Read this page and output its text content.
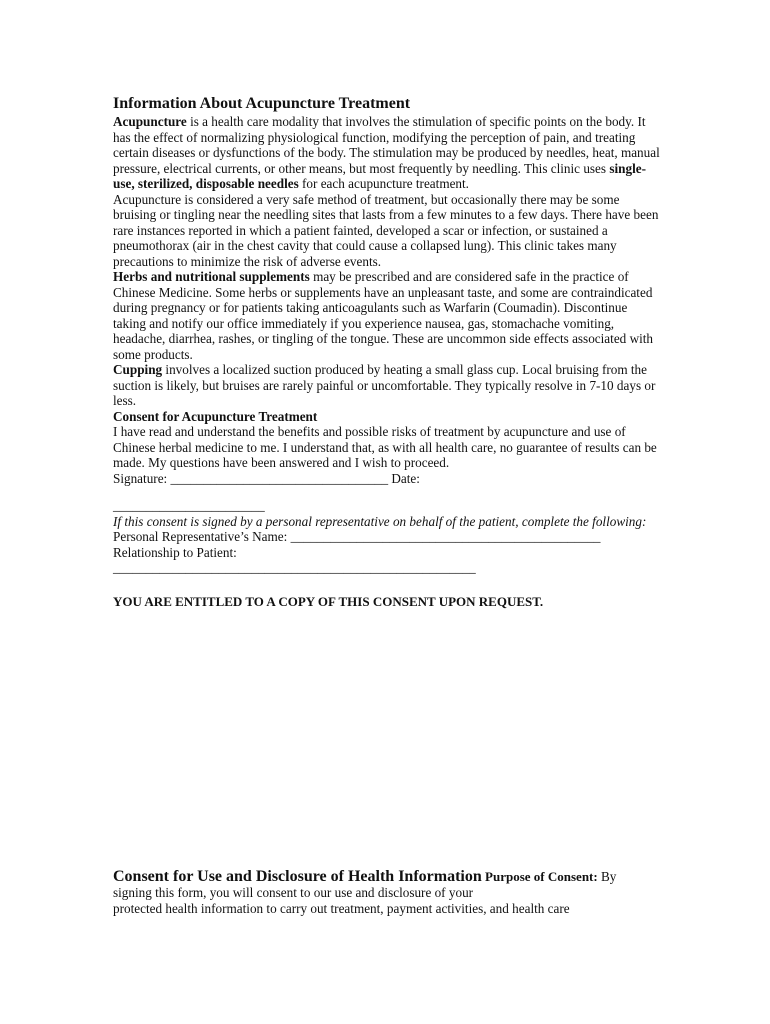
Information About Acupuncture Treatment

Acupuncture is a health care modality that involves the stimulation of specific points on the body. It has the effect of normalizing physiological function, modifying the perception of pain, and treating certain diseases or dysfunctions of the body. The stimulation may be produced by needles, heat, manual pressure, electrical currents, or other means, but most frequently by needling. This clinic uses single-use, sterilized, disposable needles for each acupuncture treatment.

Acupuncture is considered a very safe method of treatment, but occasionally there may be some bruising or tingling near the needling sites that lasts from a few minutes to a few days. There have been rare instances reported in which a patient fainted, developed a scar or infection, or sustained a pneumothorax (air in the chest cavity that could cause a collapsed lung). This clinic takes many precautions to minimize the risk of adverse events.

Herbs and nutritional supplements may be prescribed and are considered safe in the practice of Chinese Medicine. Some herbs or supplements have an unpleasant taste, and some are contraindicated during pregnancy or for patients taking anticoagulants such as Warfarin (Coumadin). Discontinue taking and notify our office immediately if you experience nausea, gas, stomachache vomiting, headache, diarrhea, rashes, or tingling of the tongue. These are uncommon side effects associated with some products.

Cupping involves a localized suction produced by heating a small glass cup. Local bruising from the suction is likely, but bruises are rarely painful or uncomfortable. They typically resolve in 7-10 days or less.

Consent for Acupuncture Treatment

I have read and understand the benefits and possible risks of treatment by acupuncture and use of Chinese herbal medicine to me. I understand that, as with all health care, no guarantee of results can be made. My questions have been answered and I wish to proceed.

Signature: _________________________________ Date:
_______________________

If this consent is signed by a personal representative on behalf of the patient, complete the following:

Personal Representative’s Name: _______________________________________________
Relationship to Patient:
_______________________________________________________
YOU ARE ENTITLED TO A COPY OF THIS CONSENT UPON REQUEST.
Consent for Use and Disclosure of Health Information Purpose of Consent: By
signing this form, you will consent to our use and disclosure of your
protected health information to carry out treatment, payment activities, and health care
